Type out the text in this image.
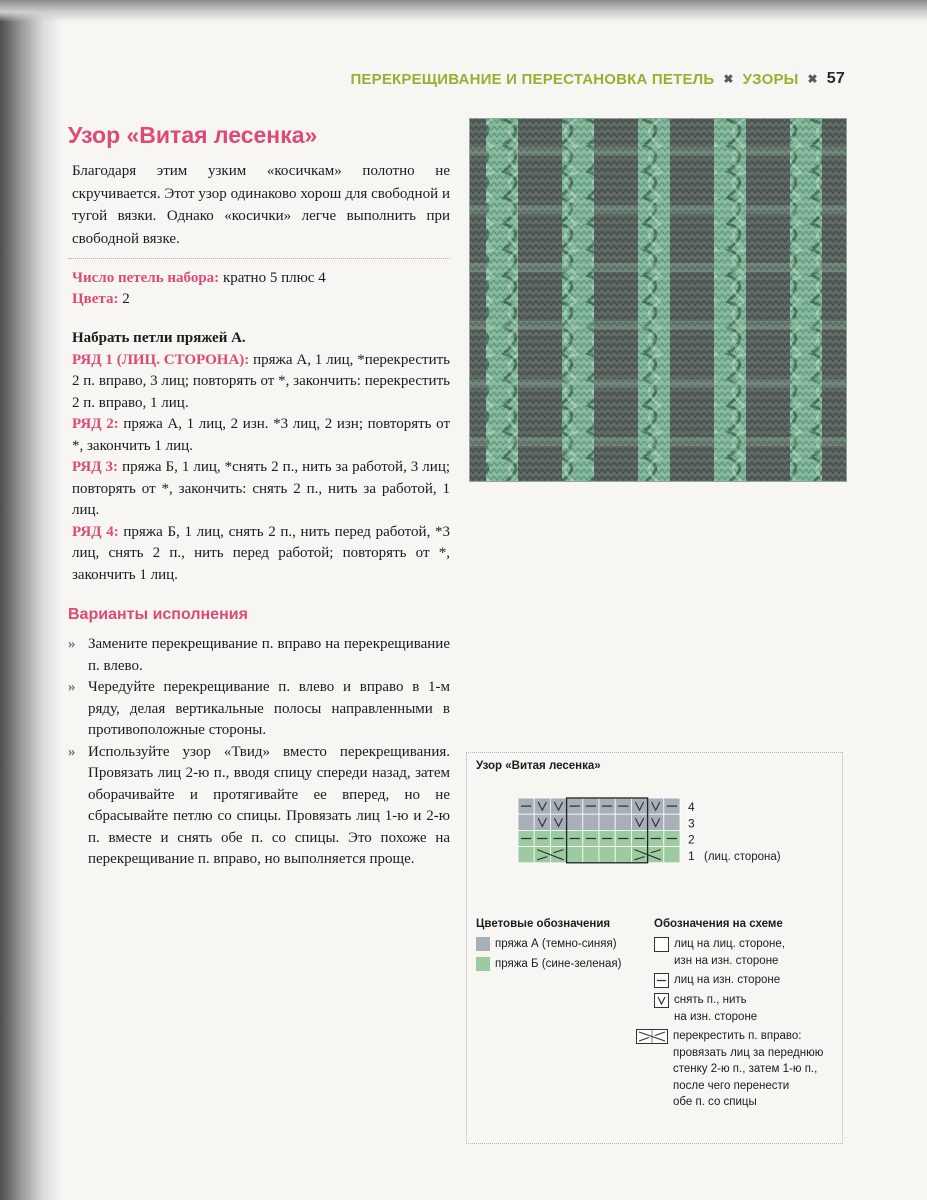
ПЕРЕКРЕЩИВАНИЕ И ПЕРЕСТАНОВКА ПЕТЕЛЬ ✖ УЗОРЫ ✖ 57
Узор «Витая лесенка»

Благодаря этим узким «косичкам» полотно не скручивается. Этот узор одинаково хорош для свободной и тугой вязки. Однако «косички» легче выполнить при свободной вязке.

Число петель набора: кратно 5 плюс 4
Цвета: 2

Набрать петли пряжей А.

РЯД 1 (ЛИЦ. СТОРОНА): пряжа А, 1 лиц, *перекрестить 2 п. вправо, 3 лиц; повторять от *, закончить: перекрестить 2 п. вправо, 1 лиц.

РЯД 2: пряжа А, 1 лиц, 2 изн. *3 лиц, 2 изн; повторять от *, закончить 1 лиц.

РЯД 3: пряжа Б, 1 лиц, *снять 2 п., нить за работой, 3 лиц; повторять от *, закончить: снять 2 п., нить за работой, 1 лиц.

РЯД 4: пряжа Б, 1 лиц, снять 2 п., нить перед работой, *3 лиц, снять 2 п., нить перед работой; повторять от *, закончить 1 лиц.

Варианты исполнения
» Замените перекрещивание п. вправо на перекрещивание п. влево.
» Чередуйте перекрещивание п. влево и вправо в 1-м ряду, делая вертикальные полосы направленными в противоположные стороны.
» Используйте узор «Твид» вместо перекрещивания. Провязать лиц 2-ю п., вводя спицу спереди назад, затем оборачивайте и протягивайте ее вперед, но не сбрасывайте петлю со спицы. Провязать лиц 1-ю и 2-ю п. вместе и снять обе п. со спицы. Это похоже на перекрещивание п. вправо, но выполняется проще.
Узор «Витая лесенка»
4
3
2
1 (лиц. сторона)
Цветовые обозначения
пряжа А (темно-синяя)
пряжа Б (сине-зеленая)
Обозначения на схеме
лиц на лиц. стороне,
изн на изн. стороне
лиц на изн. стороне
снять п., нить
на изн. стороне
перекрестить п. вправо:
провязать лиц за переднюю
стенку 2-ю п., затем 1-ю п.,
после чего перенести
обе п. со спицы
